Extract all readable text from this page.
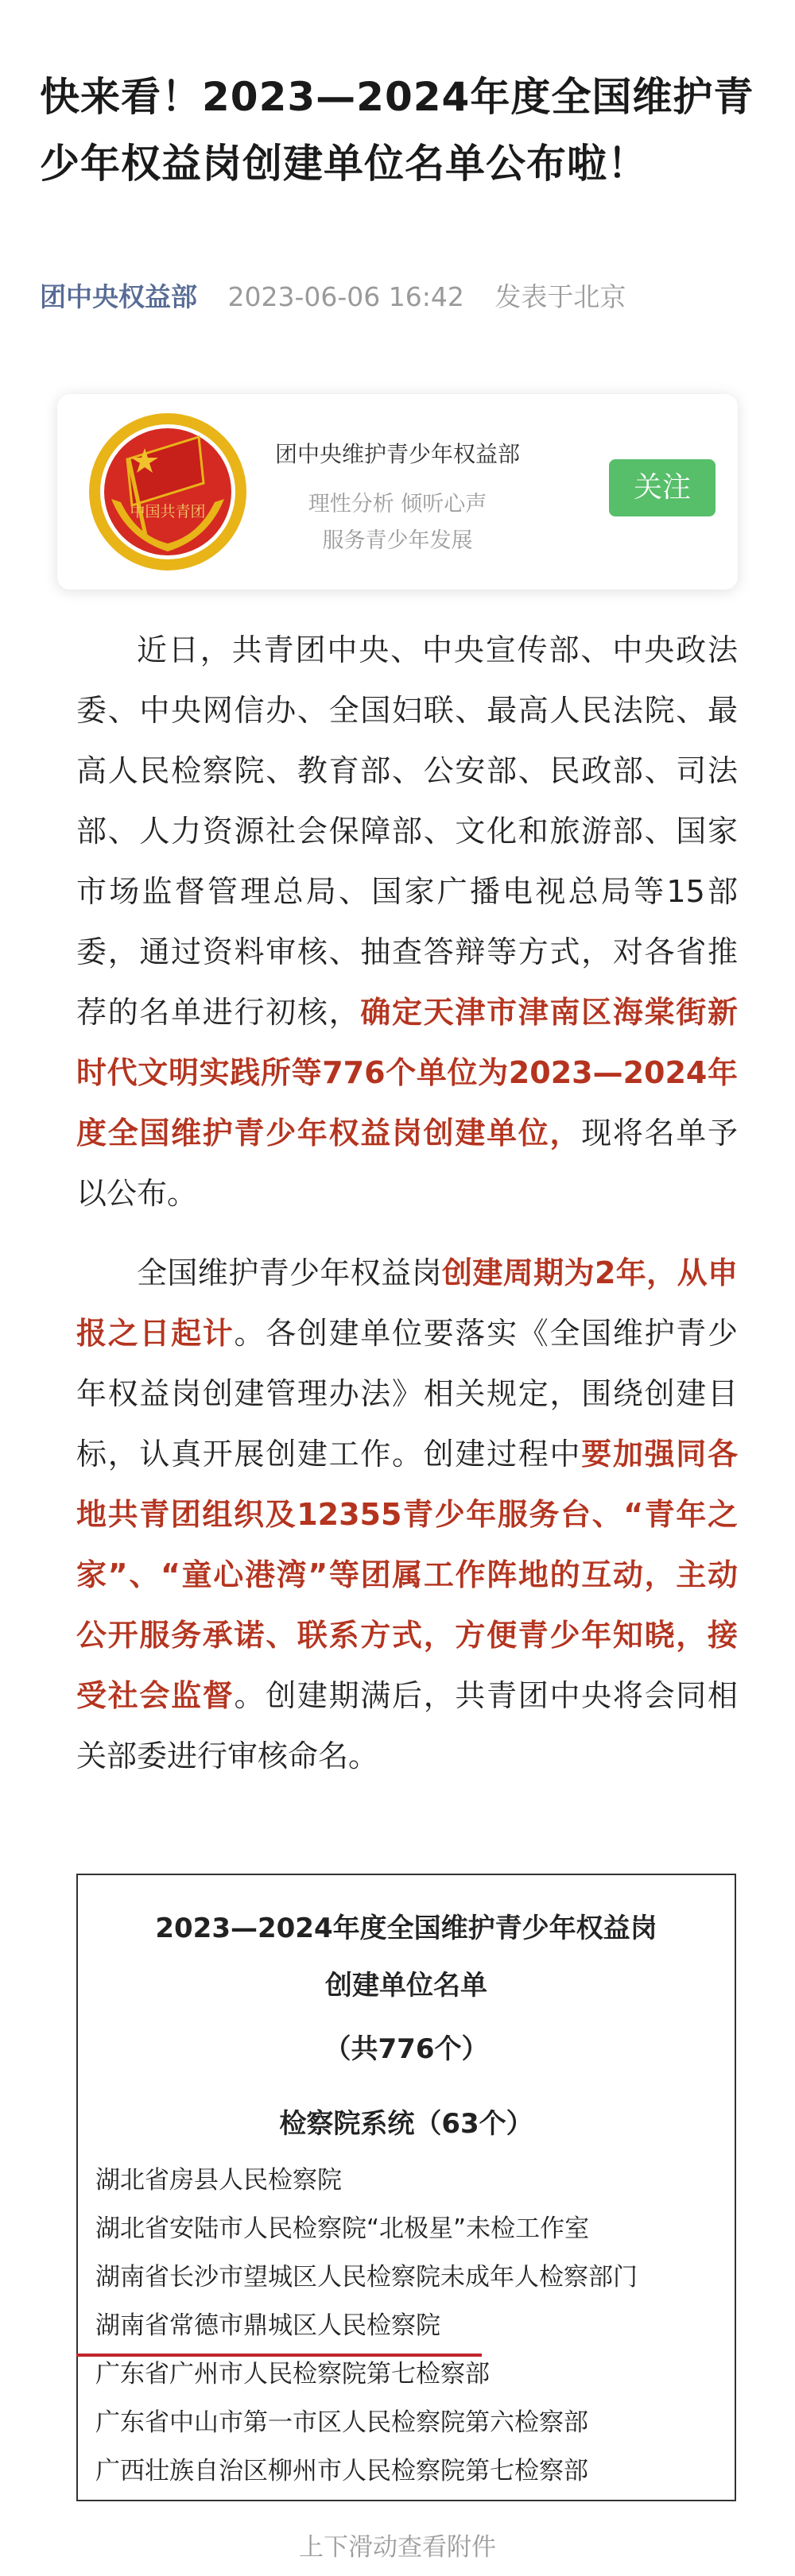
快来看！2023—2024年度全国维护青少年权益岗创建单位名单公布啦！
团中央权益部 2023-06-06 16:42 发表于北京
中国共青团
团中央维护青少年权益部
理性分析 倾听心声
服务青少年发展
关注

近日，共青团中央、中央宣传部、中央政法委、中央网信办、全国妇联、最高人民法院、最高人民检察院、教育部、公安部、民政部、司法部、人力资源社会保障部、文化和旅游部、国家市场监督管理总局、国家广播电视总局等15部委，通过资料审核、抽查答辩等方式，对各省推荐的名单进行初核，确定天津市津南区海棠街新时代文明实践所等776个单位为2023—2024年度全国维护青少年权益岗创建单位，现将名单予以公布。

全国维护青少年权益岗创建周期为2年，从申报之日起计。各创建单位要落实《全国维护青少年权益岗创建管理办法》相关规定，围绕创建目标，认真开展创建工作。创建过程中要加强同各地共青团组织及12355青少年服务台、“青年之家”、“童心港湾”等团属工作阵地的互动，主动公开服务承诺、联系方式，方便青少年知晓，接受社会监督。创建期满后，共青团中央将会同相关部委进行审核命名。

2023—2024年度全国维护青少年权益岗
创建单位名单
（共776个）
检察院系统（63个）
湖北省房县人民检察院
湖北省安陆市人民检察院“北极星”未检工作室
湖南省长沙市望城区人民检察院未成年人检察部门
湖南省常德市鼎城区人民检察院
广东省广州市人民检察院第七检察部
广东省中山市第一市区人民检察院第六检察部
广西壮族自治区柳州市人民检察院第七检察部
上下滑动查看附件
